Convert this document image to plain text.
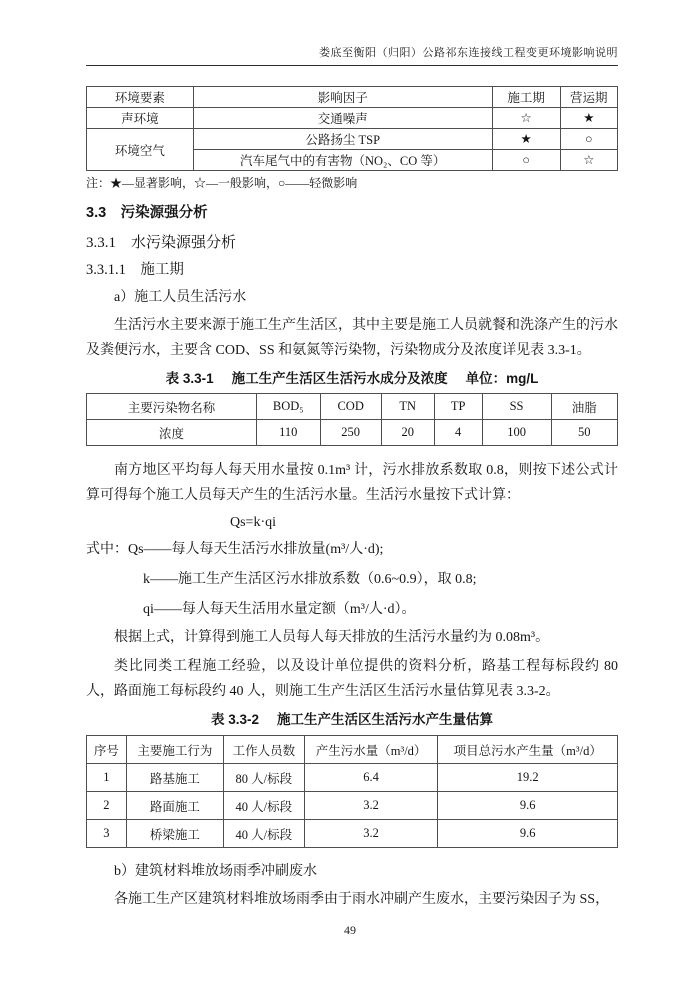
娄底至衡阳（归阳）公路祁东连接线工程变更环境影响说明
环境要素	影响因子	施工期	营运期
声环境	交通噪声	☆	★
环境空气	公路扬尘 TSP	★	○
	汽车尾气中的有害物（NO₂、CO 等）	○	☆
注：★—显著影响，☆—一般影响，○——轻微影响
3.3　污染源强分析
3.3.1　水污染源强分析
3.3.1.1　施工期
a）施工人员生活污水

生活污水主要来源于施工生产生活区，其中主要是施工人员就餐和洗涤产生的污水及粪便污水，主要含 COD、SS 和氨氮等污染物，污染物成分及浓度详见表 3.3-1。

表 3.3-1 施工生产生活区生活污水成分及浓度 单位：mg/L
主要污染物名称	BOD₅	COD	TN	TP	SS	油脂
浓度	110	250	20	4	100	50

南方地区平均每人每天用水量按 0.1m³ 计，污水排放系数取 0.8，则按下述公式计算可得每个施工人员每天产生的生活污水量。生活污水量按下式计算：

Qs=k·qi
式中：Qs——每人每天生活污水排放量(m³/人·d);
k——施工生产生活区污水排放系数（0.6~0.9），取 0.8;
qi——每人每天生活用水量定额（m³/人·d）。

根据上式，计算得到施工人员每人每天排放的生活污水量约为 0.08m³。

类比同类工程施工经验，以及设计单位提供的资料分析，路基工程每标段约 80 人，路面施工每标段约 40 人，则施工生产生活区生活污水量估算见表 3.3-2。

表 3.3-2 施工生产生活区生活污水产生量估算
序号	主要施工行为	工作人员数	产生污水量（m³/d）	项目总污水产生量（m³/d）
1	路基施工	80 人/标段	6.4	19.2
2	路面施工	40 人/标段	3.2	9.6
3	桥梁施工	40 人/标段	3.2	9.6
b）建筑材料堆放场雨季冲刷废水

各施工生产区建筑材料堆放场雨季由于雨水冲刷产生废水，主要污染因子为 SS，

49
